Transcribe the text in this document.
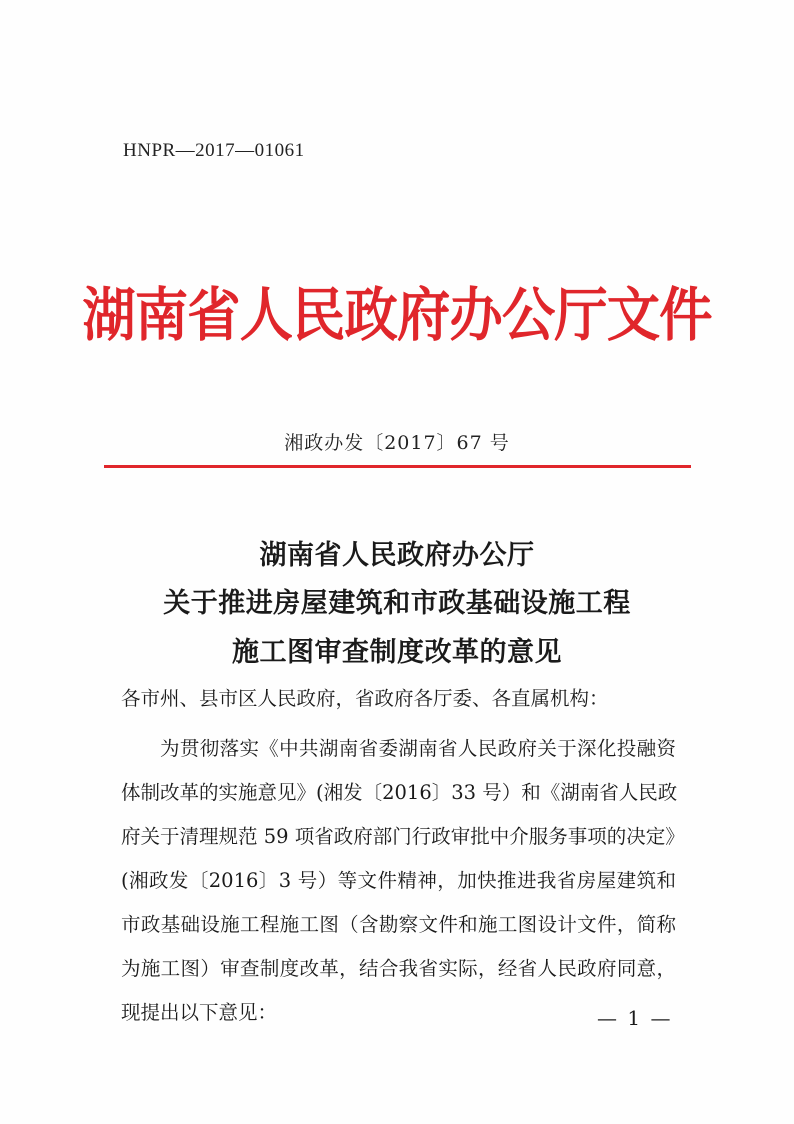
HNPR—2017—01061
湖南省人民政府办公厅文件
湘政办发〔2017〕67 号
湖南省人民政府办公厅
关于推进房屋建筑和市政基础设施工程
施工图审查制度改革的意见
各市州、县市区人民政府，省政府各厅委、各直属机构：
为贯彻落实《中共湖南省委湖南省人民政府关于深化投融资
体制改革的实施意见》(湘发〔2016〕33 号）和《湖南省人民政
府关于清理规范 59 项省政府部门行政审批中介服务事项的决定》
(湘政发〔2016〕3 号）等文件精神，加快推进我省房屋建筑和
市政基础设施工程施工图（含勘察文件和施工图设计文件，简称
为施工图）审查制度改革，结合我省实际，经省人民政府同意，
现提出以下意见：	— 1 —
